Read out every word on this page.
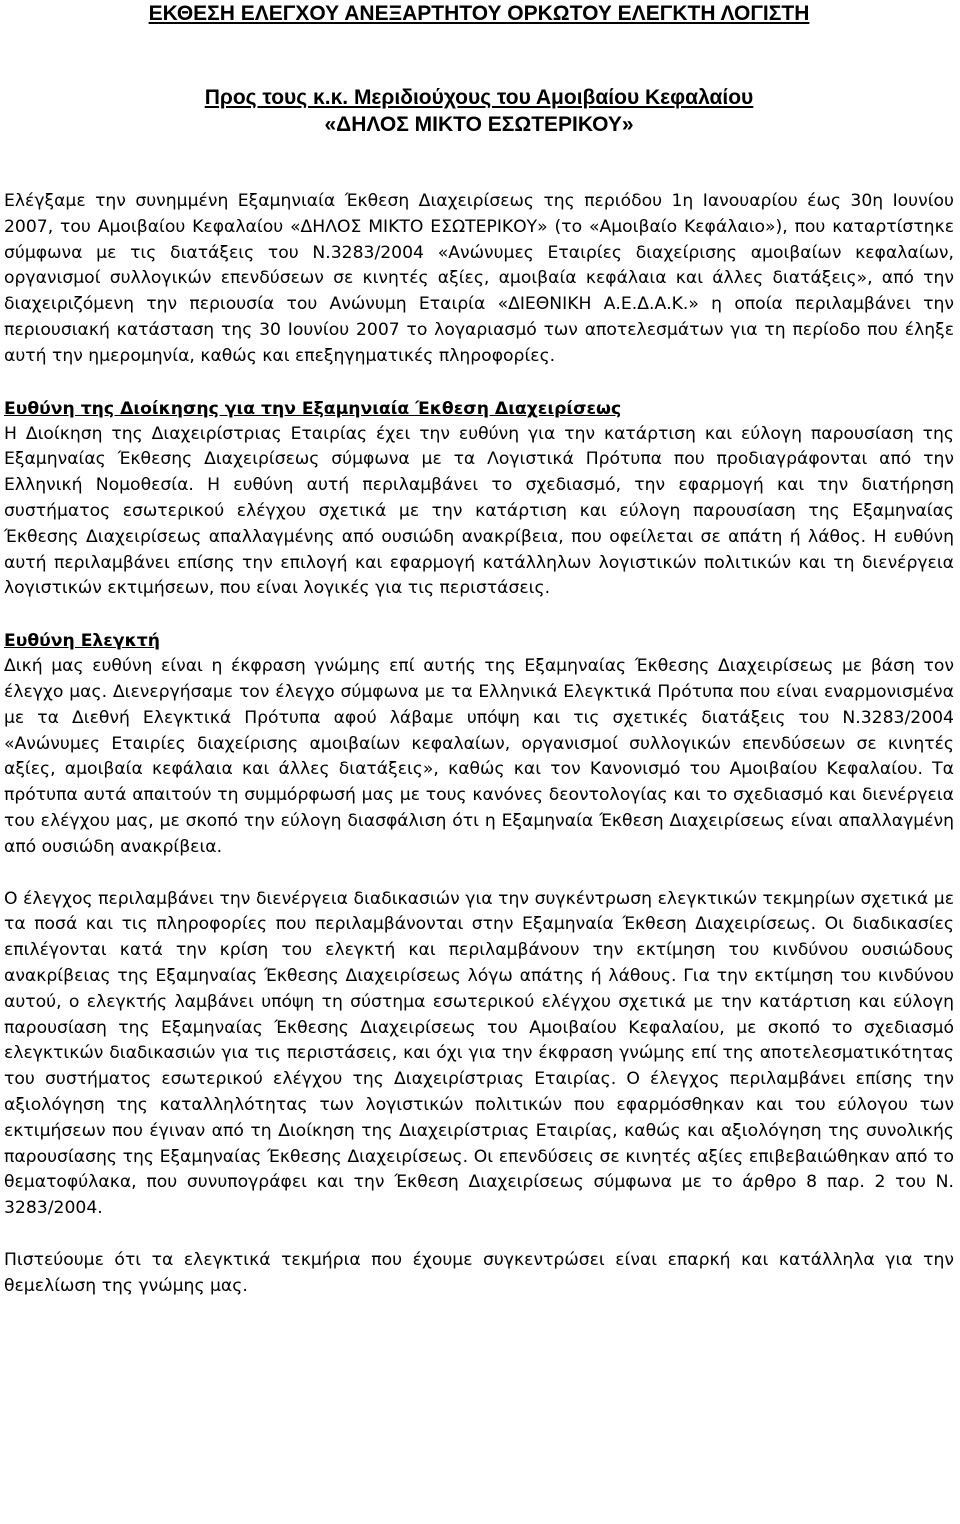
ΕΚΘΕΣΗ ΕΛΕΓΧΟΥ ΑΝΕΞΑΡΤΗΤΟΥ ΟΡΚΩΤΟΥ ΕΛΕΓΚΤΗ ΛΟΓΙΣΤΗ
Προς τους κ.κ. Μεριδιούχους του Αμοιβαίου Κεφαλαίου
«ΔΗΛΟΣ ΜΙΚΤΟ ΕΣΩΤΕΡΙΚΟΥ»

Ελέγξαμε την συνημμένη Εξαμηνιαία Έκθεση Διαχειρίσεως της περιόδου 1η Ιανουαρίου έως 30η Ιουνίου 2007, του Αμοιβαίου Κεφαλαίου «ΔΗΛΟΣ ΜΙΚΤΟ ΕΣΩΤΕΡΙΚΟΥ» (το «Αμοιβαίο Κεφάλαιο»), που καταρτίστηκε σύμφωνα με τις διατάξεις του Ν.3283/2004 «Ανώνυμες Εταιρίες διαχείρισης αμοιβαίων κεφαλαίων, οργανισμοί συλλογικών επενδύσεων σε κινητές αξίες, αμοιβαία κεφάλαια και άλλες διατάξεις», από την διαχειριζόμενη την περιουσία του Ανώνυμη Εταιρία «ΔΙΕΘΝΙΚΗ Α.Ε.Δ.Α.Κ.» η οποία περιλαμβάνει την περιουσιακή κατάσταση της 30 Ιουνίου 2007 το λογαριασμό των αποτελεσμάτων για τη περίοδο που έληξε αυτή την ημερομηνία, καθώς και επεξηγηματικές πληροφορίες.

Ευθύνη της Διοίκησης για την Εξαμηνιαία Έκθεση Διαχειρίσεως

Η Διοίκηση της Διαχειρίστριας Εταιρίας έχει την ευθύνη για την κατάρτιση και εύλογη παρουσίαση της Εξαμηναίας Έκθεσης Διαχειρίσεως σύμφωνα με τα Λογιστικά Πρότυπα που προδιαγράφονται από την Ελληνική Νομοθεσία. Η ευθύνη αυτή περιλαμβάνει το σχεδιασμό, την εφαρμογή και την διατήρηση συστήματος εσωτερικού ελέγχου σχετικά με την κατάρτιση και εύλογη παρουσίαση της Εξαμηναίας Έκθεσης Διαχειρίσεως απαλλαγμένης από ουσιώδη ανακρίβεια, που οφείλεται σε απάτη ή λάθος. Η ευθύνη αυτή περιλαμβάνει επίσης την επιλογή και εφαρμογή κατάλληλων λογιστικών πολιτικών και τη διενέργεια λογιστικών εκτιμήσεων, που είναι λογικές για τις περιστάσεις.

Ευθύνη Ελεγκτή

Δική μας ευθύνη είναι η έκφραση γνώμης επί αυτής της Εξαμηναίας Έκθεσης Διαχειρίσεως με βάση τον έλεγχο μας. Διενεργήσαμε τον έλεγχο σύμφωνα με τα Ελληνικά Ελεγκτικά Πρότυπα που είναι εναρμονισμένα με τα Διεθνή Ελεγκτικά Πρότυπα αφού λάβαμε υπόψη και τις σχετικές διατάξεις του Ν.3283/2004 «Ανώνυμες Εταιρίες διαχείρισης αμοιβαίων κεφαλαίων, οργανισμοί συλλογικών επενδύσεων σε κινητές αξίες, αμοιβαία κεφάλαια και άλλες διατάξεις», καθώς και τον Κανονισμό του Αμοιβαίου Κεφαλαίου. Τα πρότυπα αυτά απαιτούν τη συμμόρφωσή μας με τους κανόνες δεοντολογίας και το σχεδιασμό και διενέργεια του ελέγχου μας, με σκοπό την εύλογη διασφάλιση ότι η Εξαμηναία Έκθεση Διαχειρίσεως είναι απαλλαγμένη από ουσιώδη ανακρίβεια.

Ο έλεγχος περιλαμβάνει την διενέργεια διαδικασιών για την συγκέντρωση ελεγκτικών τεκμηρίων σχετικά με τα ποσά και τις πληροφορίες που περιλαμβάνονται στην Εξαμηναία Έκθεση Διαχειρίσεως. Οι διαδικασίες επιλέγονται κατά την κρίση του ελεγκτή και περιλαμβάνουν την εκτίμηση του κινδύνου ουσιώδους ανακρίβειας της Εξαμηναίας Έκθεσης Διαχειρίσεως λόγω απάτης ή λάθους. Για την εκτίμηση του κινδύνου αυτού, ο ελεγκτής λαμβάνει υπόψη τη σύστημα εσωτερικού ελέγχου σχετικά με την κατάρτιση και εύλογη παρουσίαση της Εξαμηναίας Έκθεσης Διαχειρίσεως του Αμοιβαίου Κεφαλαίου, με σκοπό το σχεδιασμό ελεγκτικών διαδικασιών για τις περιστάσεις, και όχι για την έκφραση γνώμης επί της αποτελεσματικότητας του συστήματος εσωτερικού ελέγχου της Διαχειρίστριας Εταιρίας. Ο έλεγχος περιλαμβάνει επίσης την αξιολόγηση της καταλληλότητας των λογιστικών πολιτικών που εφαρμόσθηκαν και του εύλογου των εκτιμήσεων που έγιναν από τη Διοίκηση της Διαχειρίστριας Εταιρίας, καθώς και αξιολόγηση της συνολικής παρουσίασης της Εξαμηναίας Έκθεσης Διαχειρίσεως. Οι επενδύσεις σε κινητές αξίες επιβεβαιώθηκαν από το θεματοφύλακα, που συνυπογράφει και την Έκθεση Διαχειρίσεως σύμφωνα με το άρθρο 8 παρ. 2 του Ν. 3283/2004.

Πιστεύουμε ότι τα ελεγκτικά τεκμήρια που έχουμε συγκεντρώσει είναι επαρκή και κατάλληλα για την θεμελίωση της γνώμης μας.
